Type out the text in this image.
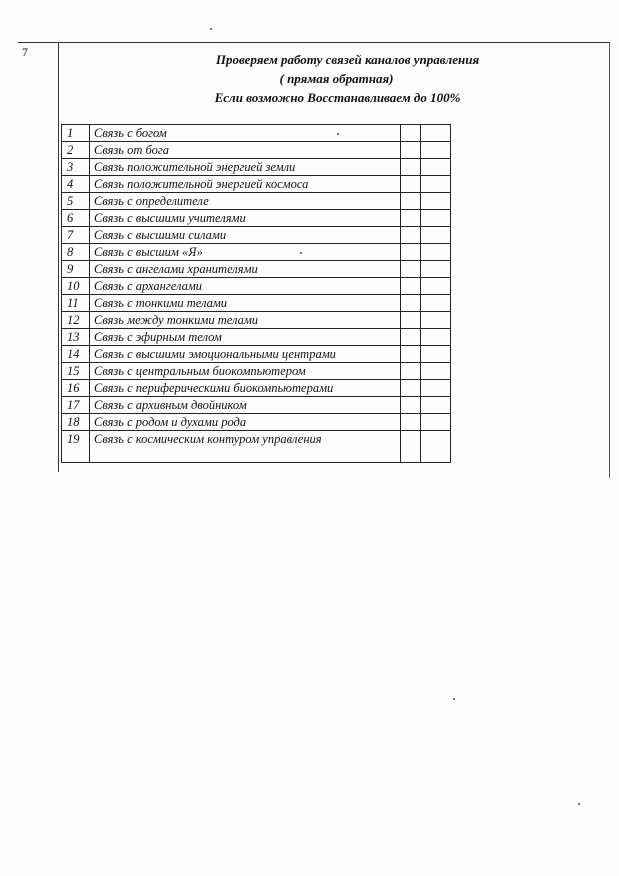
7	Проверяем работу связей каналов управления
( прямая обратная)
Если возможно Восстанавливаем до 100%
1	Связь с богом		
2	Связь от бога		
3	Связь положительной энергией земли		
4	Связь положительной энергией космоса		
5	Связь с определителе		
6	Связь с высшими учителями		
7	Связь с высшими силами		
8	Связь с высшим «Я»		
9	Связь с ангелами хранителями		
10	Связь с архангелами		
11	Связь с тонкими телами		
12	Связь между тонкими телами		
13	Связь с эфирным телом		
14	Связь с высшими эмоциональными центрами		
15	Связь с центральным биокомпьютером		
16	Связь с периферическими биокомпьютерами		
17	Связь с архивным двойником		
18	Связь с родом и духами рода		
19	Связь с космическим контуром управления		
